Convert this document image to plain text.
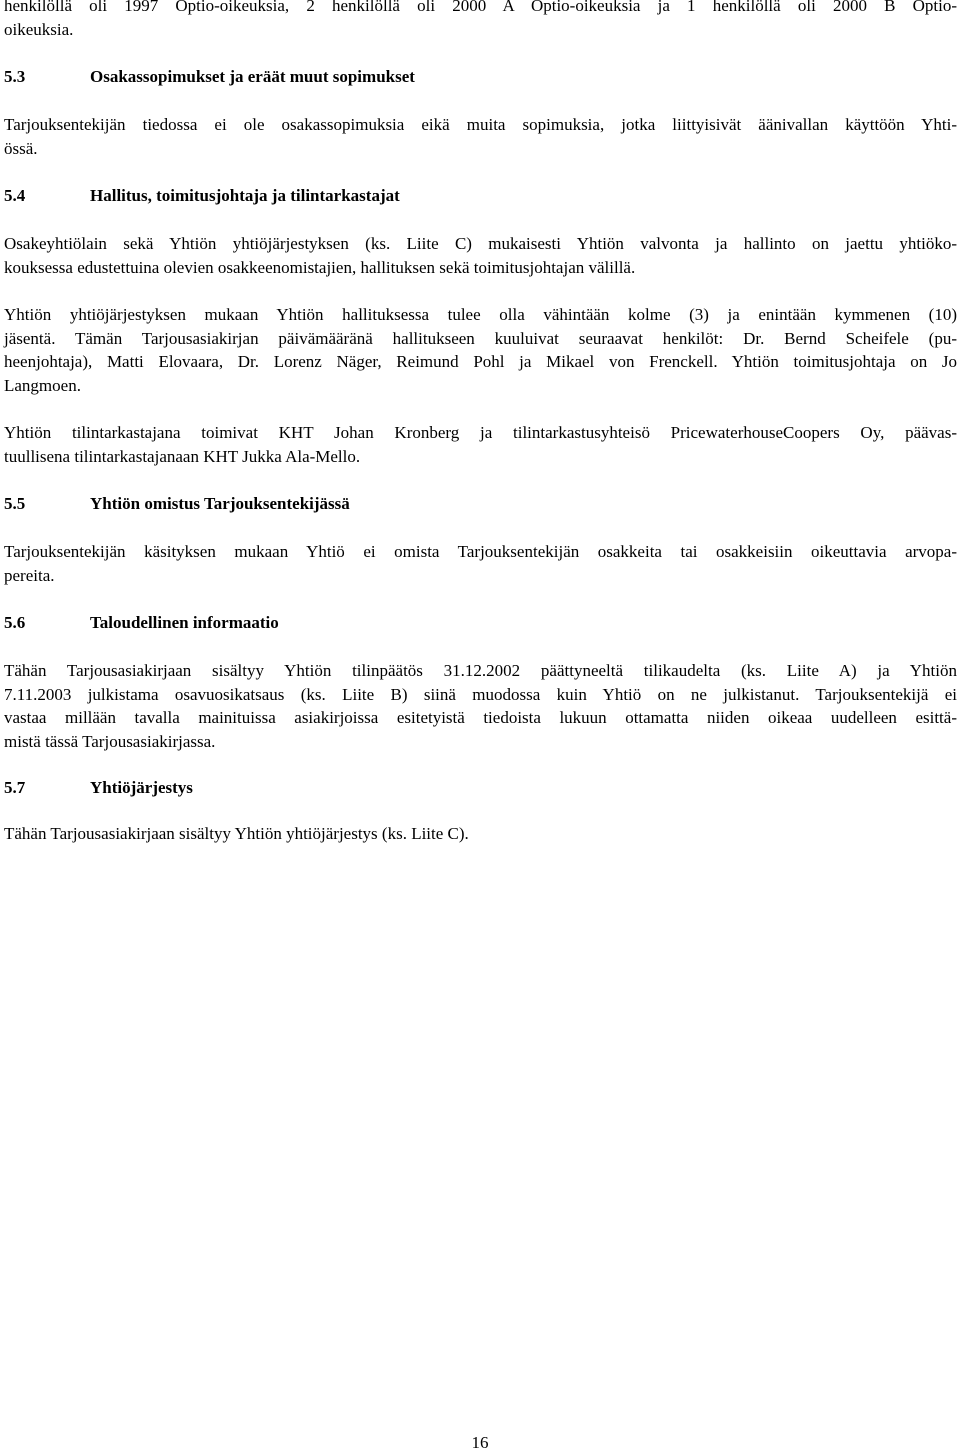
henkilöllä oli 1997 Optio-oikeuksia, 2 henkilöllä oli 2000 A Optio-oikeuksia ja 1 henkilöllä oli 2000 B Optio-
oikeuksia.

5.3	Osakassopimukset ja eräät muut sopimukset

Tarjouksentekijän tiedossa ei ole osakassopimuksia eikä muita sopimuksia, jotka liittyisivät äänivallan käyttöön Yhti-
össä.

5.4	Hallitus, toimitusjohtaja ja tilintarkastajat

Osakeyhtiölain sekä Yhtiön yhtiöjärjestyksen (ks. Liite C) mukaisesti Yhtiön valvonta ja hallinto on jaettu yhtiöko-
kouksessa edustettuina olevien osakkeenomistajien, hallituksen sekä toimitusjohtajan välillä.

Yhtiön yhtiöjärjestyksen mukaan Yhtiön hallituksessa tulee olla vähintään kolme (3) ja enintään kymmenen (10)
jäsentä. Tämän Tarjousasiakirjan päivämääränä hallitukseen kuuluivat seuraavat henkilöt: Dr. Bernd Scheifele (pu-
heenjohtaja), Matti Elovaara, Dr. Lorenz Näger, Reimund Pohl ja Mikael von Frenckell. Yhtiön toimitusjohtaja on Jo
Langmoen.

Yhtiön tilintarkastajana toimivat KHT Johan Kronberg ja tilintarkastusyhteisö PricewaterhouseCoopers Oy, päävas-
tuullisena tilintarkastajanaan KHT Jukka Ala-Mello.

5.5	Yhtiön omistus Tarjouksentekijässä

Tarjouksentekijän käsityksen mukaan Yhtiö ei omista Tarjouksentekijän osakkeita tai osakkeisiin oikeuttavia arvopa-
pereita.

5.6	Taloudellinen informaatio

Tähän Tarjousasiakirjaan sisältyy Yhtiön tilinpäätös 31.12.2002 päättyneeltä tilikaudelta (ks. Liite A) ja Yhtiön
7.11.2003 julkistama osavuosikatsaus (ks. Liite B) siinä muodossa kuin Yhtiö on ne julkistanut. Tarjouksentekijä ei
vastaa millään tavalla mainituissa asiakirjoissa esitetyistä tiedoista lukuun ottamatta niiden oikeaa uudelleen esittä-
mistä tässä Tarjousasiakirjassa.

5.7	Yhtiöjärjestys

Tähän Tarjousasiakirjaan sisältyy Yhtiön yhtiöjärjestys (ks. Liite C).

16
